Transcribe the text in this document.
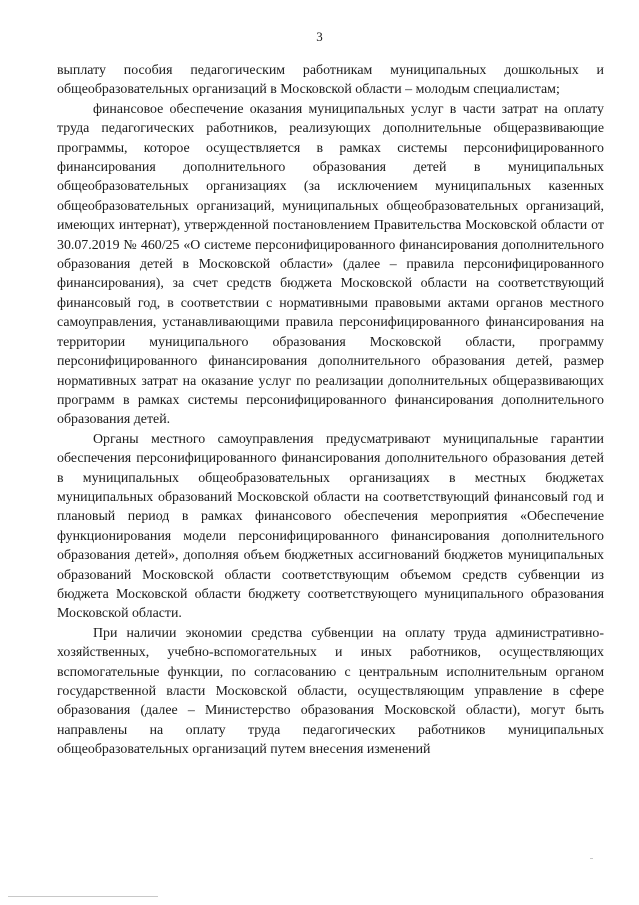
3

выплату пособия педагогическим работникам муниципальных дошкольных и общеобразовательных организаций в Московской области – молодым специалистам;

финансовое обеспечение оказания муниципальных услуг в части затрат на оплату труда педагогических работников, реализующих дополнительные общеразвивающие программы, которое осуществляется в рамках системы персонифицированного финансирования дополнительного образования детей в муниципальных общеобразовательных организациях (за исключением муниципальных казенных общеобразовательных организаций, муниципальных общеобразовательных организаций, имеющих интернат), утвержденной постановлением Правительства Московской области от 30.07.2019 № 460/25 «О системе персонифицированного финансирования дополнительного образования детей в Московской области» (далее – правила персонифицированного финансирования), за счет средств бюджета Московской области на соответствующий финансовый год, в соответствии с нормативными правовыми актами органов местного самоуправления, устанавливающими правила персонифицированного финансирования на территории муниципального образования Московской области, программу персонифицированного финансирования дополнительного образования детей, размер нормативных затрат на оказание услуг по реализации дополнительных общеразвивающих программ в рамках системы персонифицированного финансирования дополнительного образования детей.

Органы местного самоуправления предусматривают муниципальные гарантии обеспечения персонифицированного финансирования дополнительного образования детей в муниципальных общеобразовательных организациях в местных бюджетах муниципальных образований Московской области на соответствующий финансовый год и плановый период в рамках финансового обеспечения мероприятия «Обеспечение функционирования модели персонифицированного финансирования дополнительного образования детей», дополняя объем бюджетных ассигнований бюджетов муниципальных образований Московской области соответствующим объемом средств субвенции из бюджета Московской области бюджету соответствующего муниципального образования Московской области.

При наличии экономии средства субвенции на оплату труда административно-хозяйственных, учебно-вспомогательных и иных работников, осуществляющих вспомогательные функции, по согласованию с центральным исполнительным органом государственной власти Московской области, осуществляющим управление в сфере образования (далее – Министерство образования Московской области), могут быть направлены на оплату труда педагогических работников муниципальных общеобразовательных организаций путем внесения изменений
